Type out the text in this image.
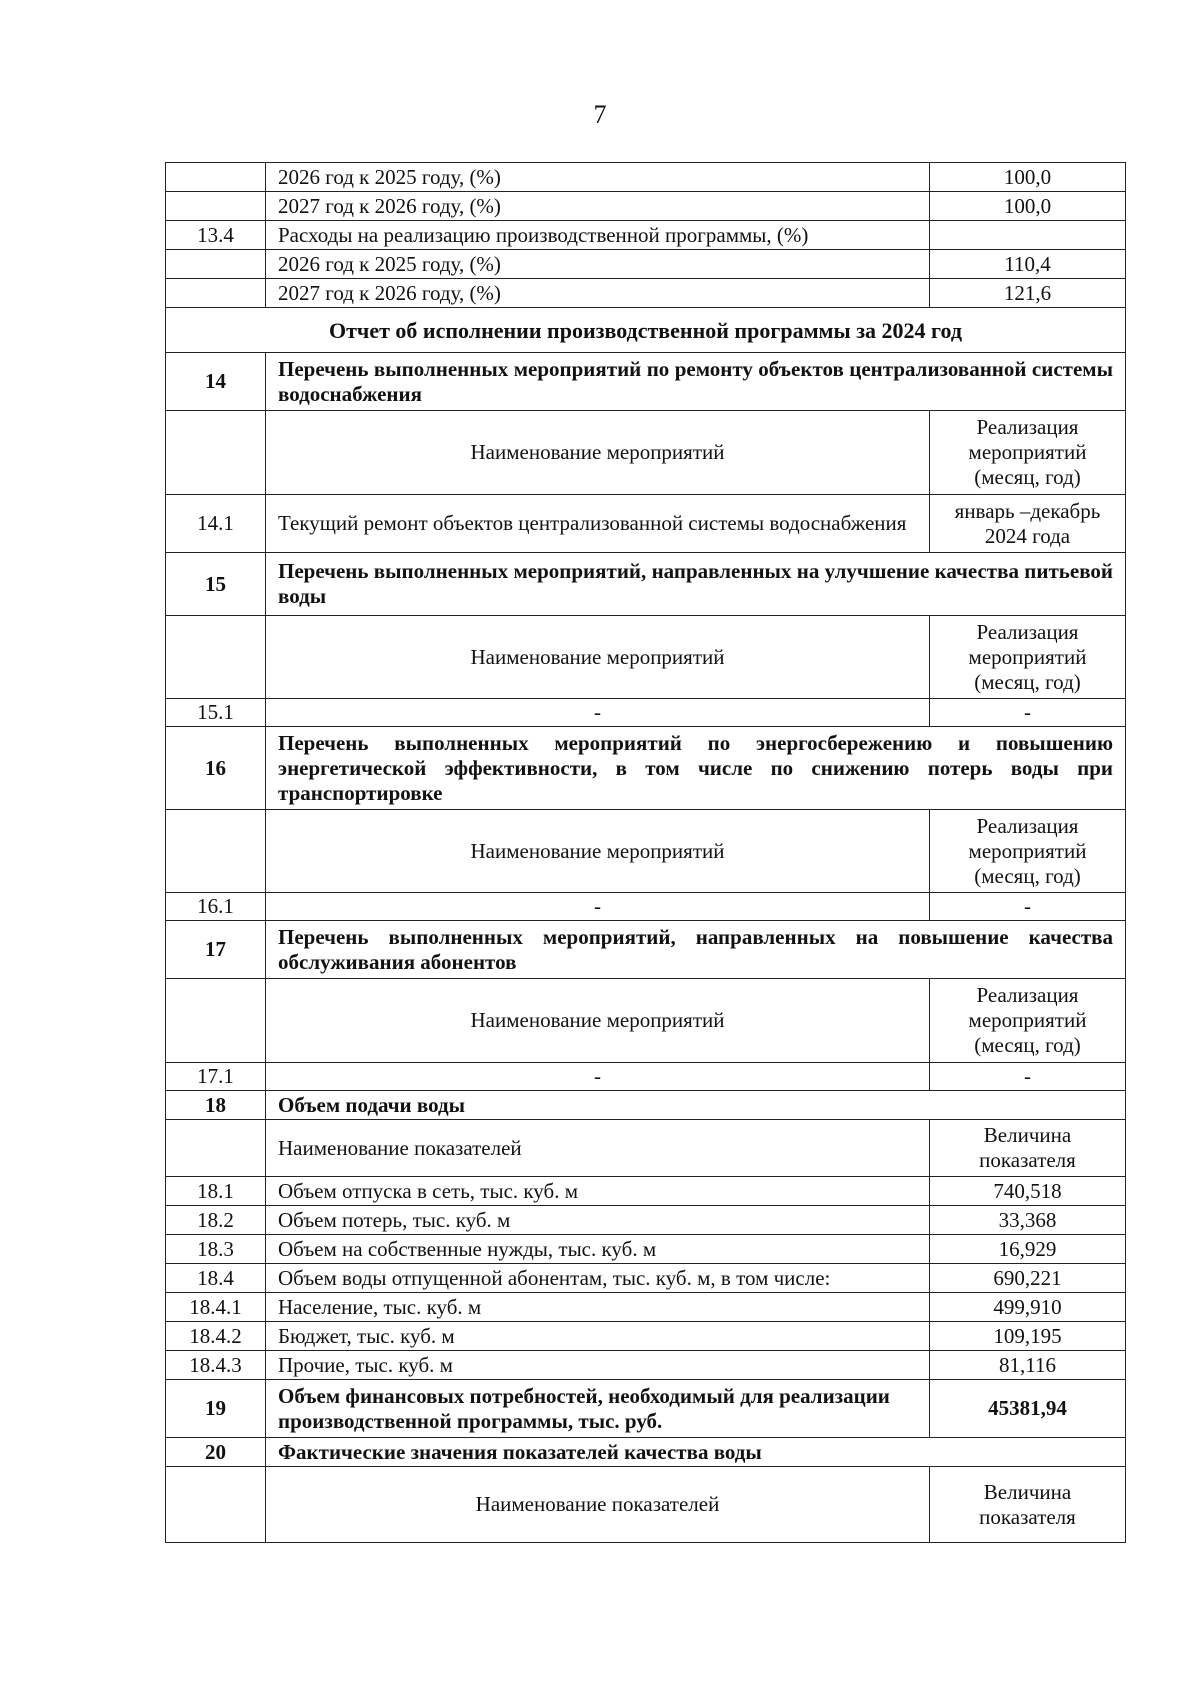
7
	2026 год к 2025 году, (%)	100,0
	2027 год к 2026 году, (%)	100,0
13.4	Расходы на реализацию производственной программы, (%)	
	2026 год к 2025 году, (%)	110,4
	2027 год к 2026 году, (%)	121,6
Отчет об исполнении производственной программы за 2024 год		
14	Перечень выполненных мероприятий по ремонту объектов централизованной системы водоснабжения	
	Наименование мероприятий	Реализация мероприятий (месяц, год)
14.1	Текущий ремонт объектов централизованной системы водоснабжения	январь –декабрь 2024 года
15	Перечень выполненных мероприятий, направленных на улучшение качества питьевой воды	
	Наименование мероприятий	Реализация мероприятий (месяц, год)
15.1	-	-
16	Перечень выполненных мероприятий по энергосбережению и повышению энергетической эффективности, в том числе по снижению потерь воды при транспортировке	
	Наименование мероприятий	Реализация мероприятий (месяц, год)
16.1	-	-
17	Перечень выполненных мероприятий, направленных на повышение качества обслуживания абонентов	
	Наименование мероприятий	Реализация мероприятий (месяц, год)
17.1	-	-
18	Объем подачи воды	
	Наименование показателей	Величина показателя
18.1	Объем отпуска в сеть, тыс. куб. м	740,518
18.2	Объем потерь, тыс. куб. м	33,368
18.3	Объем на собственные нужды, тыс. куб. м	16,929
18.4	Объем воды отпущенной абонентам, тыс. куб. м, в том числе:	690,221
18.4.1	Население, тыс. куб. м	499,910
18.4.2	Бюджет, тыс. куб. м	109,195
18.4.3	Прочие, тыс. куб. м	81,116
19	Объем финансовых потребностей, необходимый для реализации производственной программы, тыс. руб.	45381,94
20	Фактические значения показателей качества воды	
	Наименование показателей	Величина показателя
